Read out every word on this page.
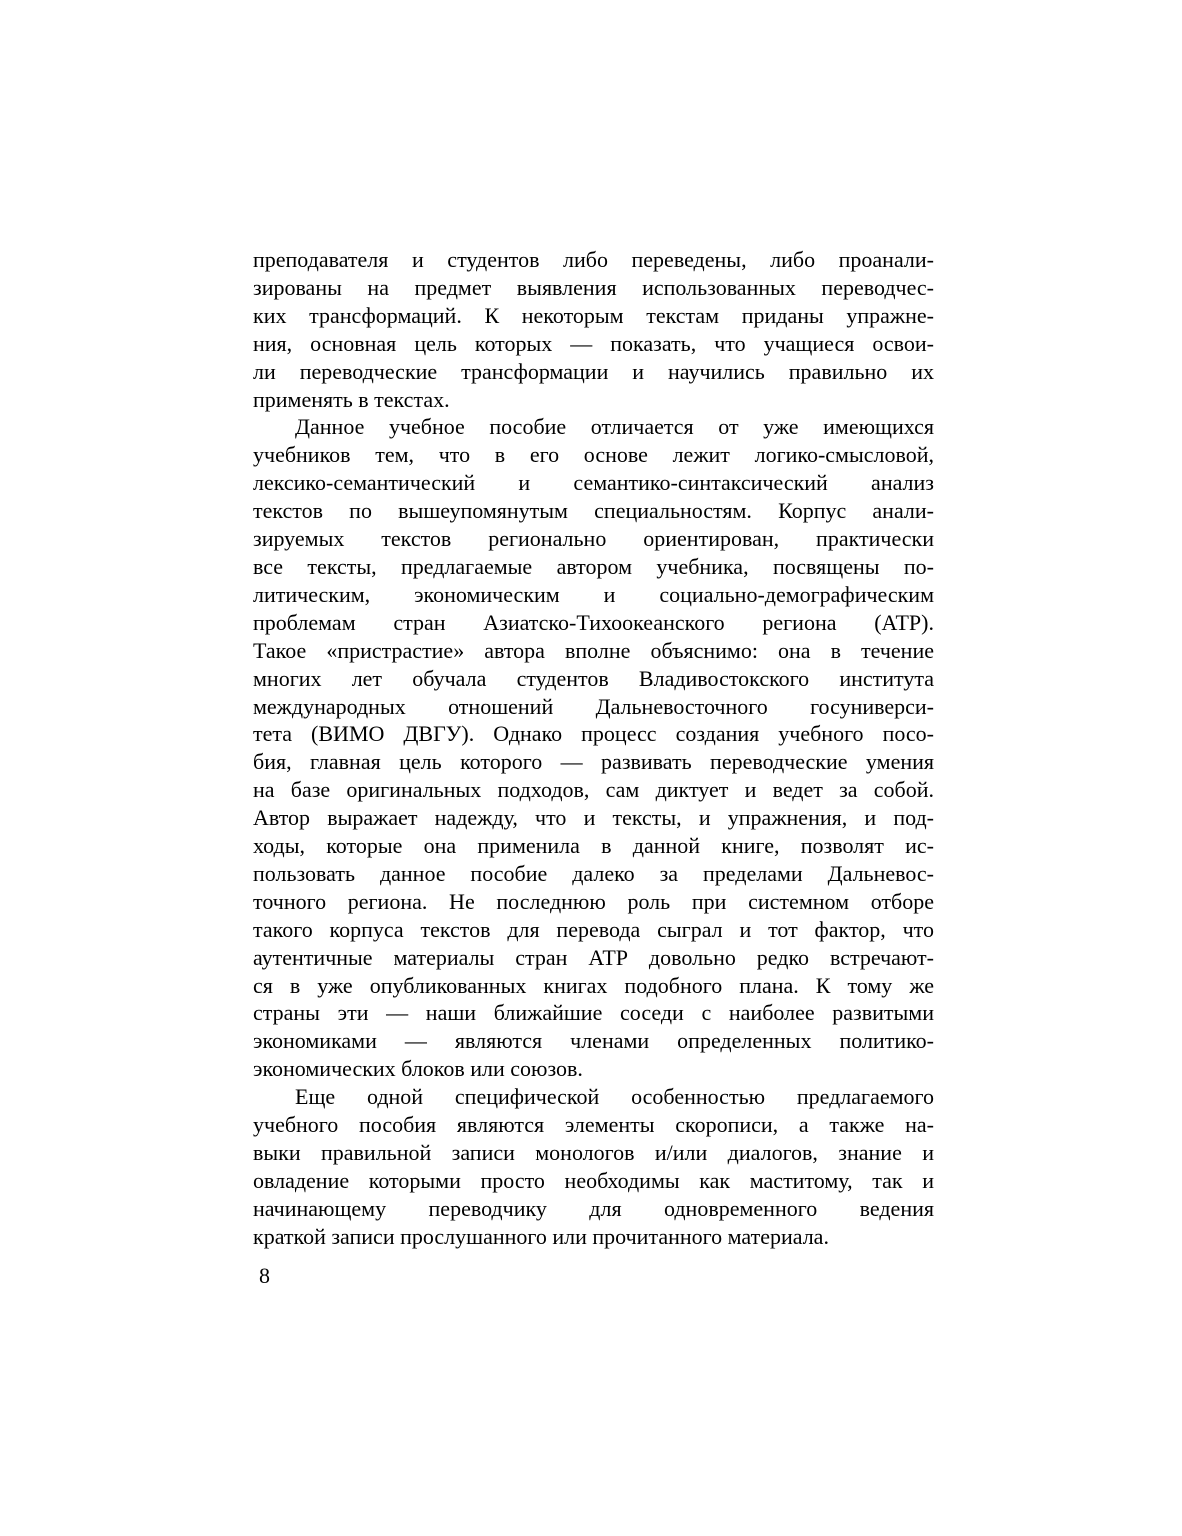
преподавателя и студентов либо переведены, либо проанали-
зированы на предмет выявления использованных переводчес-
ких трансформаций. К некоторым текстам приданы упражне-
ния, основная цель которых — показать, что учащиеся освои-
ли переводческие трансформации и научились правильно их
применять в текстах.

Данное учебное пособие отличается от уже имеющихся
учебников тем, что в его основе лежит логико-смысловой,
лексико-семантический и семантико-синтаксический анализ
текстов по вышеупомянутым специальностям. Корпус анали-
зируемых текстов регионально ориентирован, практически
все тексты, предлагаемые автором учебника, посвящены по-
литическим, экономическим и социально-демографическим
проблемам стран Азиатско-Тихоокеанского региона (АТР).
Такое «пристрастие» автора вполне объяснимо: она в течение
многих лет обучала студентов Владивостокского института
международных отношений Дальневосточного госуниверси-
тета (ВИМО ДВГУ). Однако процесс создания учебного посо-
бия, главная цель которого — развивать переводческие умения
на базе оригинальных подходов, сам диктует и ведет за собой.
Автор выражает надежду, что и тексты, и упражнения, и под-
ходы, которые она применила в данной книге, позволят ис-
пользовать данное пособие далеко за пределами Дальневос-
точного региона. Не последнюю роль при системном отборе
такого корпуса текстов для перевода сыграл и тот фактор, что
аутентичные материалы стран АТР довольно редко встречают-
ся в уже опубликованных книгах подобного плана. К тому же
страны эти — наши ближайшие соседи с наиболее развитыми
экономиками — являются членами определенных политико-
экономических блоков или союзов.

Еще одной специфической особенностью предлагаемого
учебного пособия являются элементы скорописи, а также на-
выки правильной записи монологов и/или диалогов, знание и
овладение которыми просто необходимы как маститому, так и
начинающему переводчику для одновременного ведения
краткой записи прослушанного или прочитанного материала.

8
